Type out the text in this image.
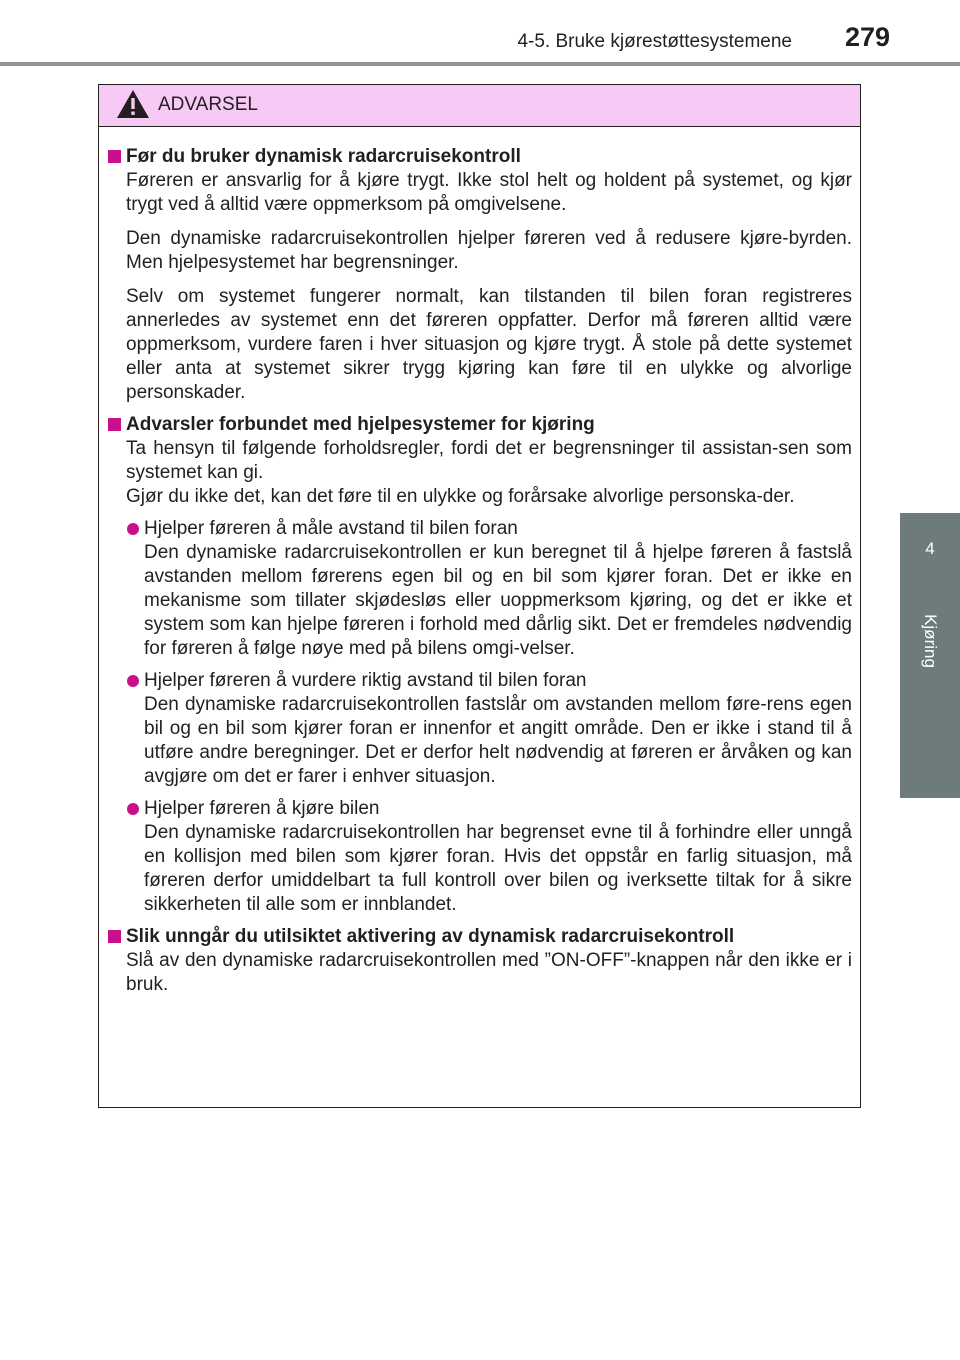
4-5. Bruke kjørestøttesystemene 279
4
Kjøring
ADVARSEL
Før du bruker dynamisk radarcruisekontroll

Føreren er ansvarlig for å kjøre trygt. Ikke stol helt og holdent på systemet, og kjør trygt ved å alltid være oppmerksom på omgivelsene.

Den dynamiske radarcruisekontrollen hjelper føreren ved å redusere kjøre-byrden. Men hjelpesystemet har begrensninger.

Selv om systemet fungerer normalt, kan tilstanden til bilen foran registreres annerledes av systemet enn det føreren oppfatter. Derfor må føreren alltid være oppmerksom, vurdere faren i hver situasjon og kjøre trygt. Å stole på dette systemet eller anta at systemet sikrer trygg kjøring kan føre til en ulykke og alvorlige personskader.

Advarsler forbundet med hjelpesystemer for kjøring

Ta hensyn til følgende forholdsregler, fordi det er begrensninger til assistan-sen som systemet kan gi.

Gjør du ikke det, kan det føre til en ulykke og forårsake alvorlige personska-der.

Hjelper føreren å måle avstand til bilen foran
Den dynamiske radarcruisekontrollen er kun beregnet til å hjelpe føreren å fastslå avstanden mellom førerens egen bil og en bil som kjører foran. Det er ikke en mekanisme som tillater skjødesløs eller uoppmerksom kjøring, og det er ikke et system som kan hjelpe føreren i forhold med dårlig sikt. Det er fremdeles nødvendig for føreren å følge nøye med på bilens omgi-velser.
Hjelper føreren å vurdere riktig avstand til bilen foran
Den dynamiske radarcruisekontrollen fastslår om avstanden mellom føre-rens egen bil og en bil som kjører foran er innenfor et angitt område. Den er ikke i stand til å utføre andre beregninger. Det er derfor helt nødvendig at føreren er årvåken og kan avgjøre om det er farer i enhver situasjon.
Hjelper føreren å kjøre bilen
Den dynamiske radarcruisekontrollen har begrenset evne til å forhindre eller unngå en kollisjon med bilen som kjører foran. Hvis det oppstår en farlig situasjon, må føreren derfor umiddelbart ta full kontroll over bilen og iverksette tiltak for å sikre sikkerheten til alle som er innblandet.
Slik unngår du utilsiktet aktivering av dynamisk radarcruisekontroll

Slå av den dynamiske radarcruisekontrollen med ”ON-OFF”-knappen når den ikke er i bruk.
